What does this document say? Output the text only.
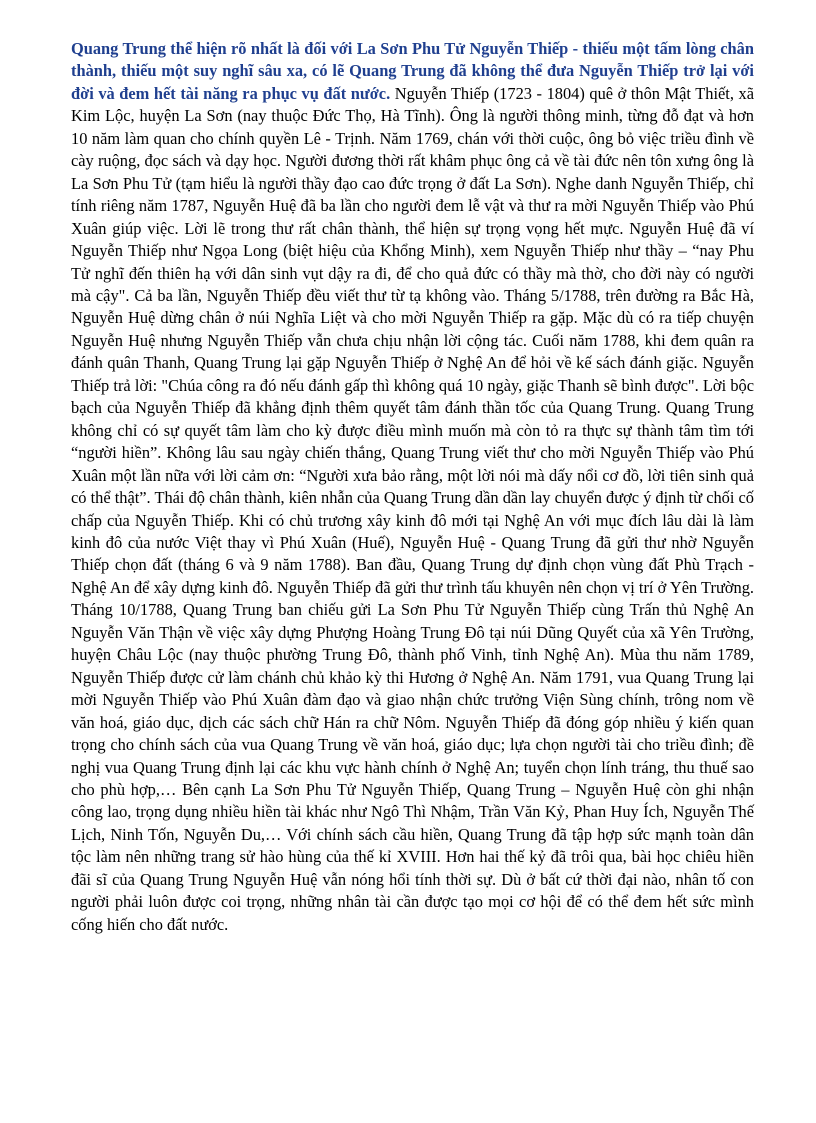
Quang Trung thể hiện rõ nhất là đối với La Sơn Phu Tử Nguyễn Thiếp - thiếu một tấm lòng chân thành, thiếu một suy nghĩ sâu xa, có lẽ Quang Trung đã không thể đưa Nguyễn Thiếp trở lại với đời và đem hết tài năng ra phục vụ đất nước. Nguyễn Thiếp (1723 - 1804) quê ở thôn Mật Thiết, xã Kim Lộc, huyện La Sơn (nay thuộc Đức Thọ, Hà Tĩnh). Ông là người thông minh, từng đỗ đạt và hơn 10 năm làm quan cho chính quyền Lê - Trịnh. Năm 1769, chán với thời cuộc, ông bỏ việc triều đình về cày ruộng, đọc sách và dạy học. Người đương thời rất khâm phục ông cả về tài đức nên tôn xưng ông là La Sơn Phu Tử (tạm hiểu là người thầy đạo cao đức trọng ở đất La Sơn). Nghe danh Nguyễn Thiếp, chỉ tính riêng năm 1787, Nguyễn Huệ đã ba lần cho người đem lễ vật và thư ra mời Nguyễn Thiếp vào Phú Xuân giúp việc. Lời lẽ trong thư rất chân thành, thể hiện sự trọng vọng hết mực. Nguyễn Huệ đã ví Nguyễn Thiếp như Ngọa Long (biệt hiệu của Khổng Minh), xem Nguyễn Thiếp như thầy – “nay Phu Tử nghĩ đến thiên hạ với dân sinh vụt dậy ra đi, để cho quả đức có thầy mà thờ, cho đời này có người mà cậy". Cả ba lần, Nguyễn Thiếp đều viết thư từ tạ không vào. Tháng 5/1788, trên đường ra Bắc Hà, Nguyễn Huệ dừng chân ở núi Nghĩa Liệt và cho mời Nguyễn Thiếp ra gặp. Mặc dù có ra tiếp chuyện Nguyễn Huệ nhưng Nguyễn Thiếp vẫn chưa chịu nhận lời cộng tác. Cuối năm 1788, khi đem quân ra đánh quân Thanh, Quang Trung lại gặp Nguyễn Thiếp ở Nghệ An để hỏi về kế sách đánh giặc. Nguyễn Thiếp trả lời: "Chúa công ra đó nếu đánh gấp thì không quá 10 ngày, giặc Thanh sẽ bình được". Lời bộc bạch của Nguyễn Thiếp đã khẳng định thêm quyết tâm đánh thần tốc của Quang Trung. Quang Trung không chỉ có sự quyết tâm làm cho kỳ được điều mình muốn mà còn tỏ ra thực sự thành tâm tìm tới “người hiền”. Không lâu sau ngày chiến thắng, Quang Trung viết thư cho mời Nguyễn Thiếp vào Phú Xuân một lần nữa với lời cảm ơn: “Người xưa bảo rằng, một lời nói mà dấy nổi cơ đồ, lời tiên sinh quả có thể thật”. Thái độ chân thành, kiên nhẫn của Quang Trung dần dần lay chuyển được ý định từ chối cố chấp của Nguyễn Thiếp. Khi có chủ trương xây kinh đô mới tại Nghệ An với mục đích lâu dài là làm kinh đô của nước Việt thay vì Phú Xuân (Huế), Nguyễn Huệ - Quang Trung đã gửi thư nhờ Nguyễn Thiếp chọn đất (tháng 6 và 9 năm 1788). Ban đầu, Quang Trung dự định chọn vùng đất Phù Trạch - Nghệ An để xây dựng kinh đô. Nguyễn Thiếp đã gửi thư trình tấu khuyên nên chọn vị trí ở Yên Trường. Tháng 10/1788, Quang Trung ban chiếu gửi La Sơn Phu Tử Nguyễn Thiếp cùng Trấn thủ Nghệ An Nguyễn Văn Thận về việc xây dựng Phượng Hoàng Trung Đô tại núi Dũng Quyết của xã Yên Trường, huyện Châu Lộc (nay thuộc phường Trung Đô, thành phố Vinh, tỉnh Nghệ An). Mùa thu năm 1789, Nguyễn Thiếp được cử làm chánh chủ khảo kỳ thi Hương ở Nghệ An. Năm 1791, vua Quang Trung lại mời Nguyễn Thiếp vào Phú Xuân đàm đạo và giao nhận chức trưởng Viện Sùng chính, trông nom về văn hoá, giáo dục, dịch các sách chữ Hán ra chữ Nôm. Nguyễn Thiếp đã đóng góp nhiều ý kiến quan trọng cho chính sách của vua Quang Trung về văn hoá, giáo dục; lựa chọn người tài cho triều đình; đề nghị vua Quang Trung định lại các khu vực hành chính ở Nghệ An; tuyển chọn lính tráng, thu thuế sao cho phù hợp,… Bên cạnh La Sơn Phu Tử Nguyễn Thiếp, Quang Trung – Nguyễn Huệ còn ghi nhận công lao, trọng dụng nhiều hiền tài khác như Ngô Thì Nhậm, Trần Văn Kỷ, Phan Huy Ích, Nguyễn Thế Lịch, Ninh Tốn, Nguyễn Du,… Với chính sách cầu hiền, Quang Trung đã tập hợp sức mạnh toàn dân tộc làm nên những trang sử hào hùng của thế kỉ XVIII. Hơn hai thế kỷ đã trôi qua, bài học chiêu hiền đãi sĩ của Quang Trung Nguyễn Huệ vẫn nóng hổi tính thời sự. Dù ở bất cứ thời đại nào, nhân tố con người phải luôn được coi trọng, những nhân tài cần được tạo mọi cơ hội để có thể đem hết sức mình cống hiến cho đất nước.
